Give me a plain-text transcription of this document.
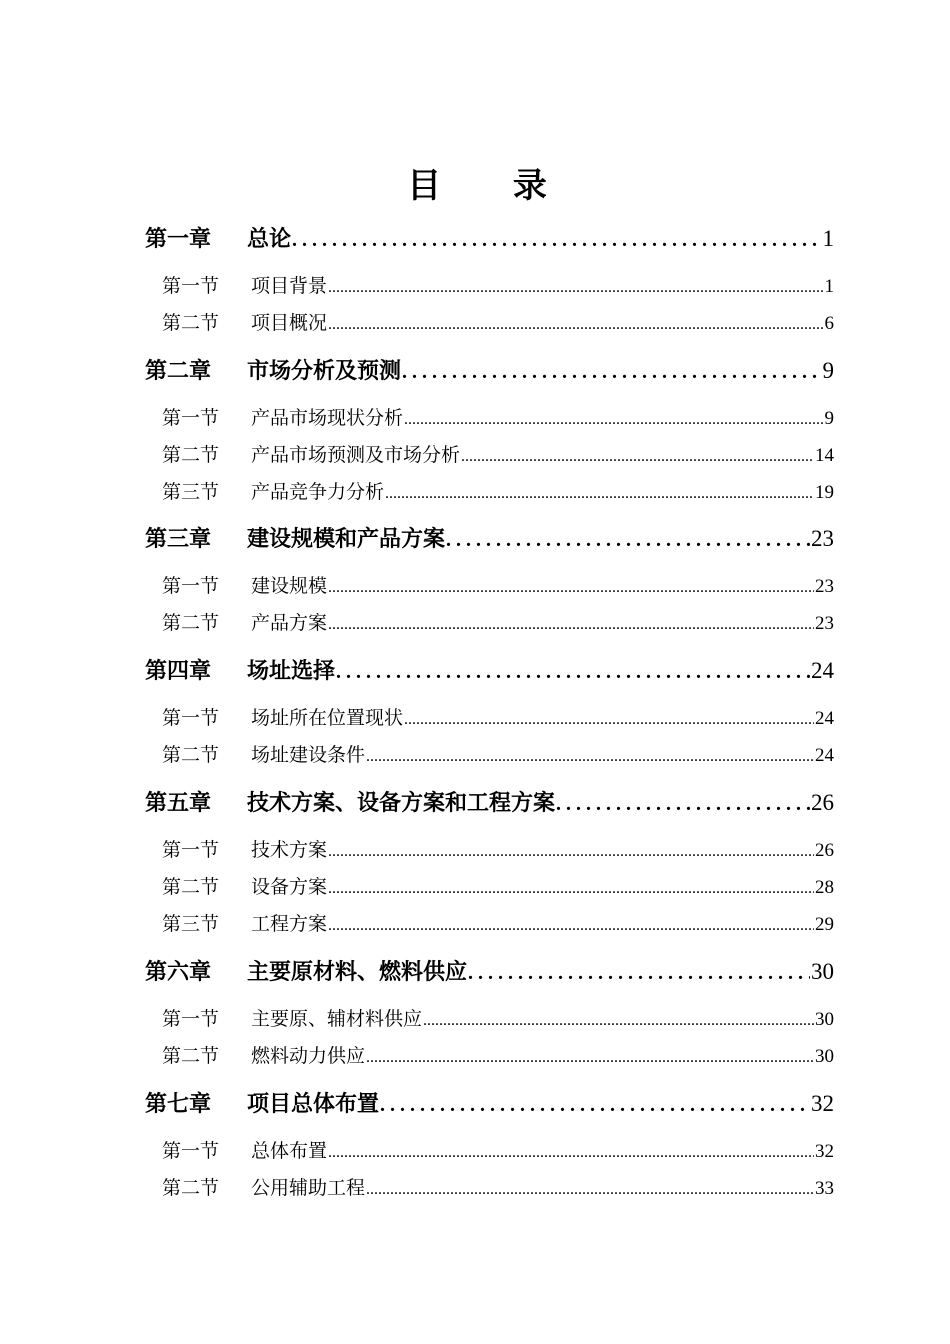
目 录
第一章	总论 .....	1
第一节	项目背景 .....	1
第二节	项目概况 .....	6
第二章	市场分析及预测 .....	9
第一节	产品市场现状分析 .....	9
第二节	产品市场预测及市场分析 .....	14
第三节	产品竞争力分析 .....	19
第三章	建设规模和产品方案 .....	23
第一节	建设规模 .....	23
第二节	产品方案 .....	23
第四章	场址选择 .....	24
第一节	场址所在位置现状 .....	24
第二节	场址建设条件 .....	24
第五章	技术方案、设备方案和工程方案 .....	26
第一节	技术方案 .....	26
第二节	设备方案 .....	28
第三节	工程方案 .....	29
第六章	主要原材料、燃料供应 .....	30
第一节	主要原、辅材料供应 .....	30
第二节	燃料动力供应 .....	30
第七章	项目总体布置 .....	32
第一节	总体布置 .....	32
第二节	公用辅助工程 .....	33
